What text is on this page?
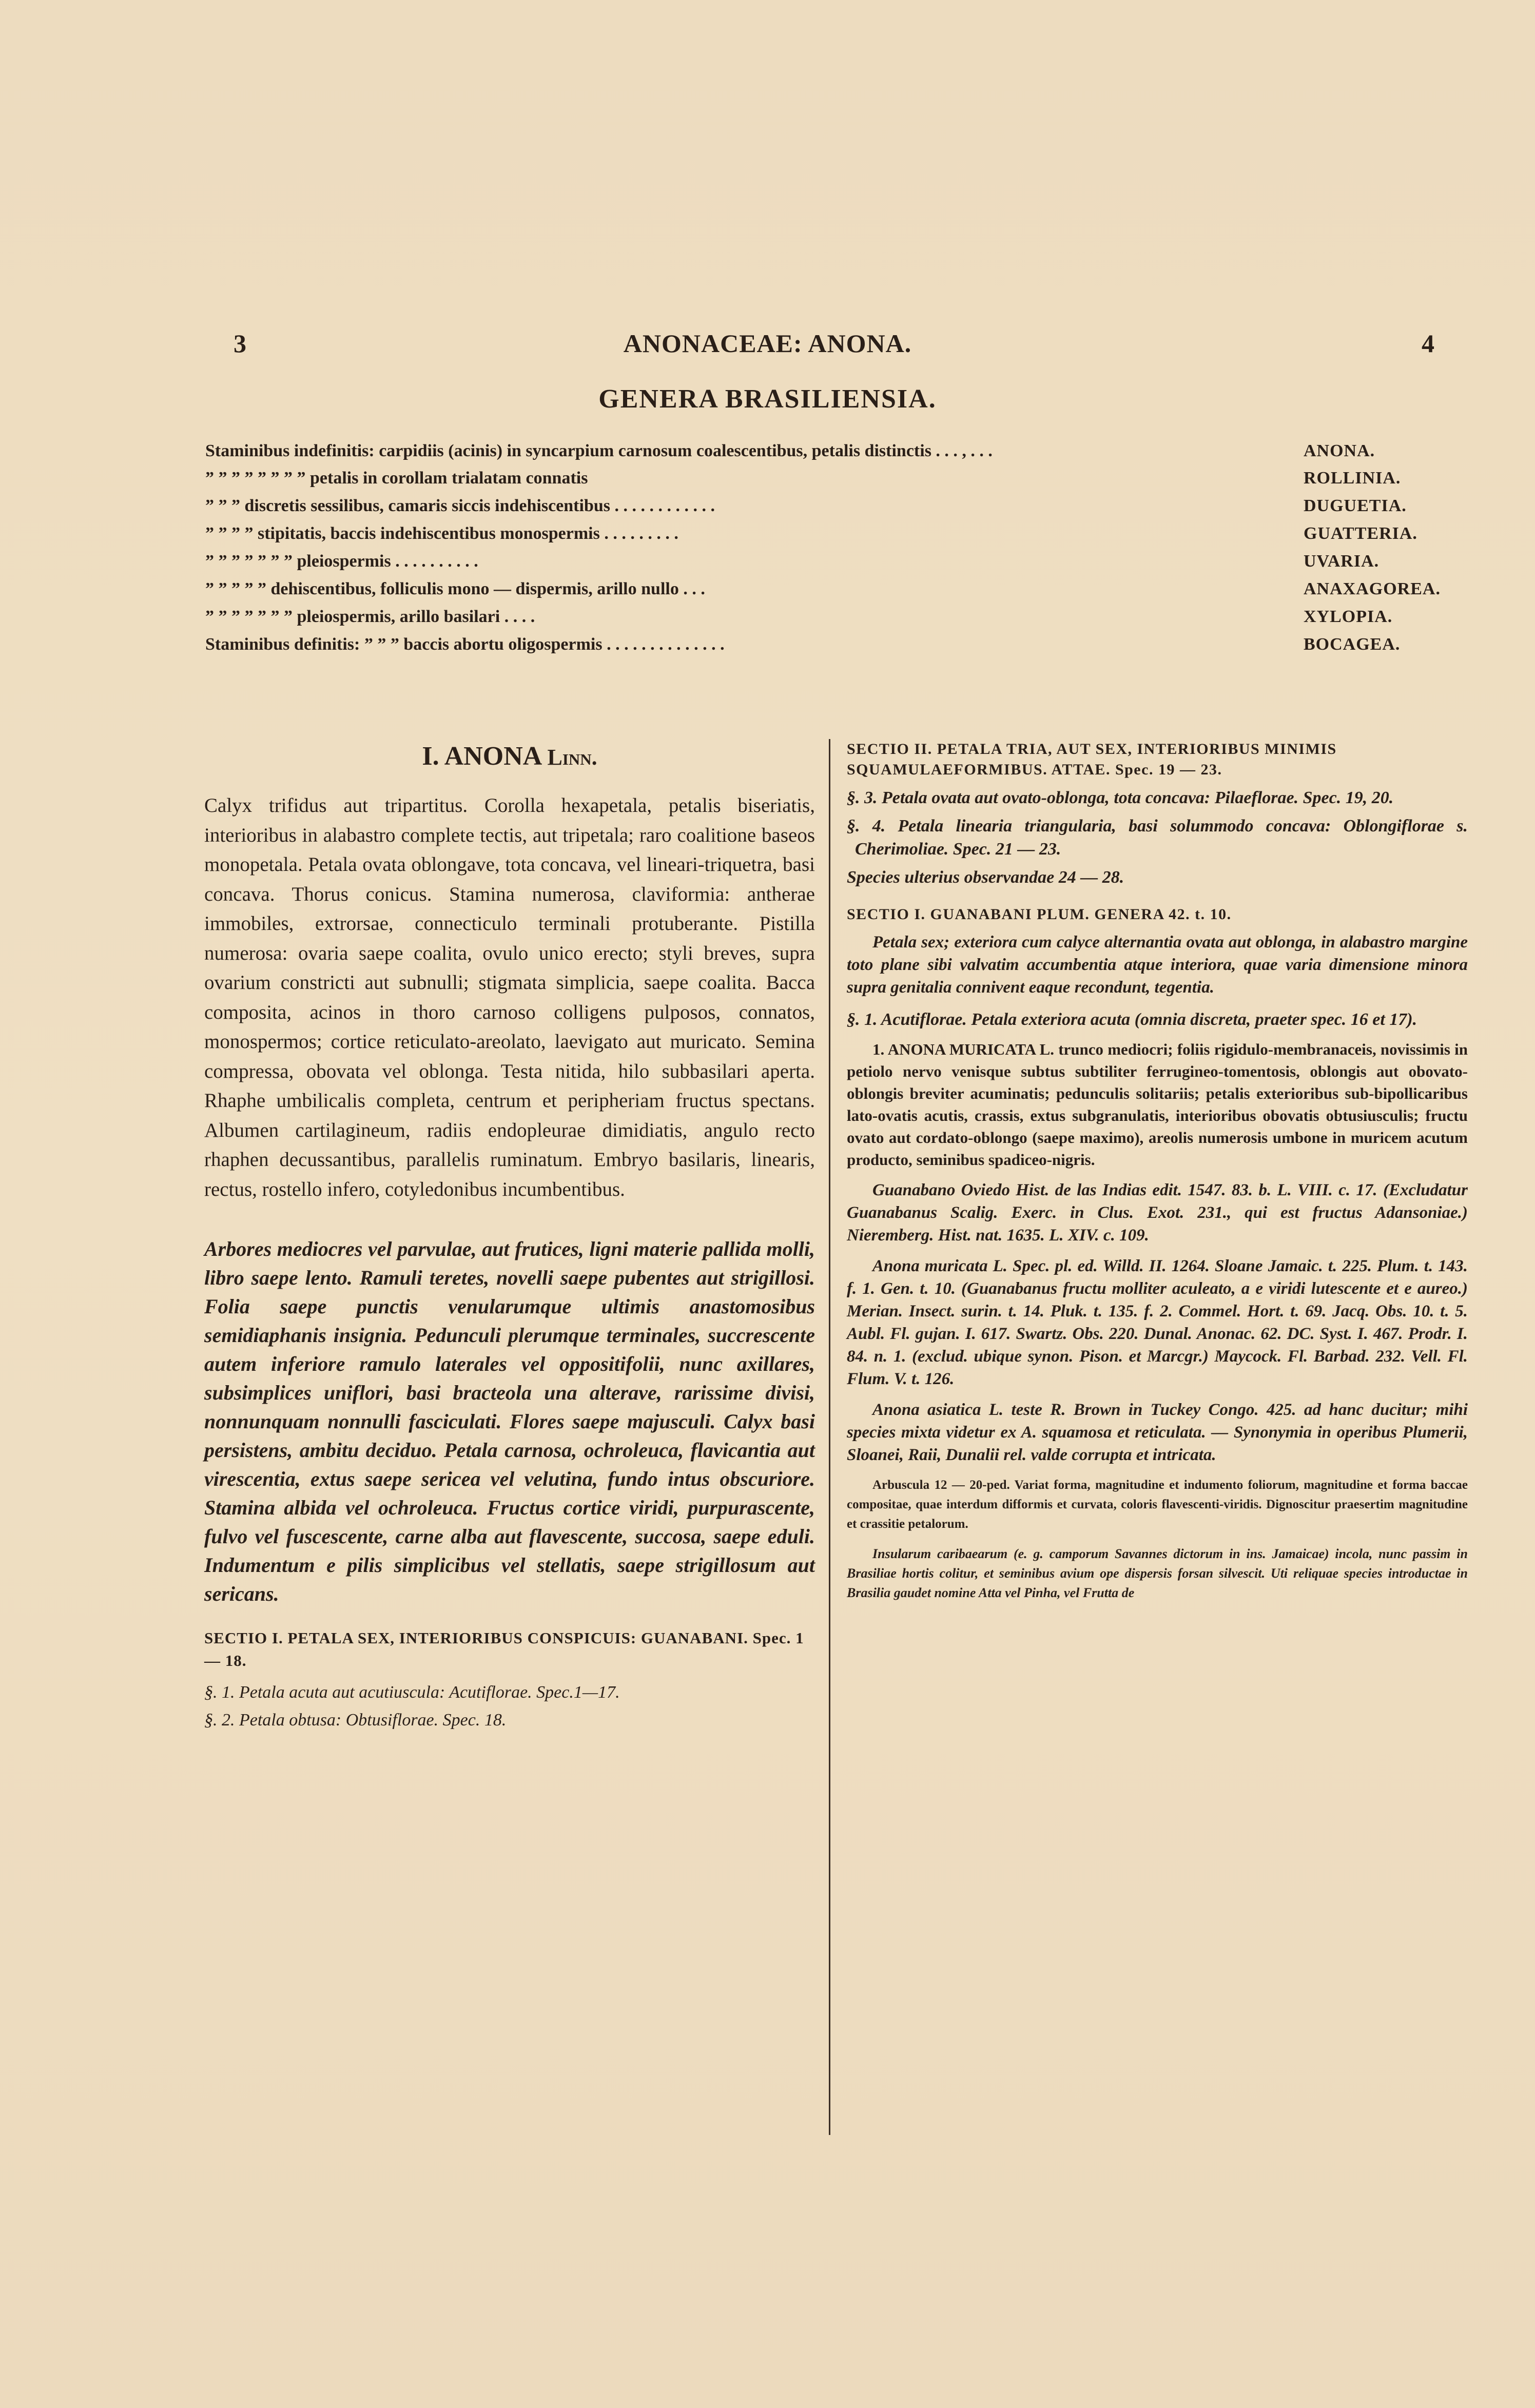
3	ANONACEAE: ANONA.	4
GENERA BRASILIENSIA.
Staminibus indefinitis: carpidiis (acinis) in syncarpium carnosum coalescentibus, petalis distinctis . . . , . . .	ANONA.
” ” ” ” ” ” ” ” petalis in corollam trialatam connatis	ROLLINIA.
” ” ” discretis sessilibus, camaris siccis indehiscentibus . . . . . . . . . . . .	DUGUETIA.
” ” ” ” stipitatis, baccis indehiscentibus monospermis . . . . . . . . .	GUATTERIA.
” ” ” ” ” ” ” pleiospermis . . . . . . . . . .	UVARIA.
” ” ” ” ” dehiscentibus, folliculis mono — dispermis, arillo nullo . . .	ANAXAGOREA.
” ” ” ” ” ” ” pleiospermis, arillo basilari . . . .	XYLOPIA.
Staminibus definitis: ” ” ” baccis abortu oligospermis . . . . . . . . . . . . . .	BOCAGEA.
I. ANONA Linn.

Calyx trifidus aut tripartitus. Corolla hexapetala, petalis biseriatis, interioribus in alabastro complete tectis, aut tripetala; raro coalitione baseos monopetala. Petala ovata oblongave, tota concava, vel lineari-triquetra, basi concava. Thorus conicus. Stamina numerosa, claviformia: antherae immobiles, extrorsae, connecticulo terminali protuberante. Pistilla numerosa: ovaria saepe coalita, ovulo unico erecto; styli breves, supra ovarium constricti aut subnulli; stigmata simplicia, saepe coalita. Bacca composita, acinos in thoro carnoso colligens pulposos, connatos, monospermos; cortice reticulato-areolato, laevigato aut muricato. Semina compressa, obovata vel oblonga. Testa nitida, hilo subbasilari aperta. Rhaphe umbilicalis completa, centrum et peripheriam fructus spectans. Albumen cartilagineum, radiis endopleurae dimidiatis, angulo recto rhaphen decussantibus, parallelis ruminatum. Embryo basilaris, linearis, rectus, rostello infero, cotyledonibus incumbentibus.

Arbores mediocres vel parvulae, aut frutices, ligni materie pallida molli, libro saepe lento. Ramuli teretes, novelli saepe pubentes aut strigillosi. Folia saepe punctis venularumque ultimis anastomosibus semidiaphanis insignia. Pedunculi plerumque terminales, succrescente autem inferiore ramulo laterales vel oppositifolii, nunc axillares, subsimplices uniflori, basi bracteola una alterave, rarissime divisi, nonnunquam nonnulli fasciculati. Flores saepe majusculi. Calyx basi persistens, ambitu deciduo. Petala carnosa, ochroleuca, flavicantia aut virescentia, extus saepe sericea vel velutina, fundo intus obscuriore. Stamina albida vel ochroleuca. Fructus cortice viridi, purpurascente, fulvo vel fuscescente, carne alba aut flavescente, succosa, saepe eduli. Indumentum e pilis simplicibus vel stellatis, saepe strigillosum aut sericans.

SECTIO I. PETALA SEX, INTERIORIBUS CONSPICUIS: GUANABANI. Spec. 1 — 18.

§. 1. Petala acuta aut acutiuscula: Acutiflorae. Spec.1—17.

§. 2. Petala obtusa: Obtusiflorae. Spec. 18.

SECTIO II. PETALA TRIA, AUT SEX, INTERIORIBUS MINIMIS SQUAMULAEFORMIBUS. ATTAE. Spec. 19 — 23.

§. 3. Petala ovata aut ovato-oblonga, tota concava: Pilaeflorae. Spec. 19, 20.

§. 4. Petala linearia triangularia, basi solummodo concava: Oblongiflorae s. Cherimoliae. Spec. 21 — 23.

Species ulterius observandae 24 — 28.

SECTIO I. GUANABANI PLUM. GENERA 42. t. 10.

Petala sex; exteriora cum calyce alternantia ovata aut oblonga, in alabastro margine toto plane sibi valvatim accumbentia atque interiora, quae varia dimensione minora supra genitalia connivent eaque recondunt, tegentia.

§. 1. Acutiflorae. Petala exteriora acuta (omnia discreta, praeter spec. 16 et 17).

1. ANONA MURICATA L. trunco mediocri; foliis rigidulo-membranaceis, novissimis in petiolo nervo venisque subtus subtiliter ferrugineo-tomentosis, oblongis aut obovato-oblongis breviter acuminatis; pedunculis solitariis; petalis exterioribus sub-bipollicaribus lato-ovatis acutis, crassis, extus subgranulatis, interioribus obovatis obtusiusculis; fructu ovato aut cordato-oblongo (saepe maximo), areolis numerosis umbone in muricem acutum producto, seminibus spadiceo-nigris.

Guanabano Oviedo Hist. de las Indias edit. 1547. 83. b. L. VIII. c. 17. (Excludatur Guanabanus Scalig. Exerc. in Clus. Exot. 231., qui est fructus Adansoniae.) Nieremberg. Hist. nat. 1635. L. XIV. c. 109.

Anona muricata L. Spec. pl. ed. Willd. II. 1264. Sloane Jamaic. t. 225. Plum. t. 143. f. 1. Gen. t. 10. (Guanabanus fructu molliter aculeato, a e viridi lutescente et e aureo.) Merian. Insect. surin. t. 14. Pluk. t. 135. f. 2. Commel. Hort. t. 69. Jacq. Obs. 10. t. 5. Aubl. Fl. gujan. I. 617. Swartz. Obs. 220. Dunal. Anonac. 62. DC. Syst. I. 467. Prodr. I. 84. n. 1. (exclud. ubique synon. Pison. et Marcgr.) Maycock. Fl. Barbad. 232. Vell. Fl. Flum. V. t. 126.

Anona asiatica L. teste R. Brown in Tuckey Congo. 425. ad hanc ducitur; mihi species mixta videtur ex A. squamosa et reticulata. — Synonymia in operibus Plumerii, Sloanei, Raii, Dunalii rel. valde corrupta et intricata.

Arbuscula 12 — 20-ped. Variat forma, magnitudine et indumento foliorum, magnitudine et forma baccae compositae, quae interdum difformis et curvata, coloris flavescenti-viridis. Dignoscitur praesertim magnitudine et crassitie petalorum.

Insularum caribaearum (e. g. camporum Savannes dictorum in ins. Jamaicae) incola, nunc passim in Brasiliae hortis colitur, et seminibus avium ope dispersis forsan silvescit. Uti reliquae species introductae in Brasilia gaudet nomine Atta vel Pinha, vel Frutta de
